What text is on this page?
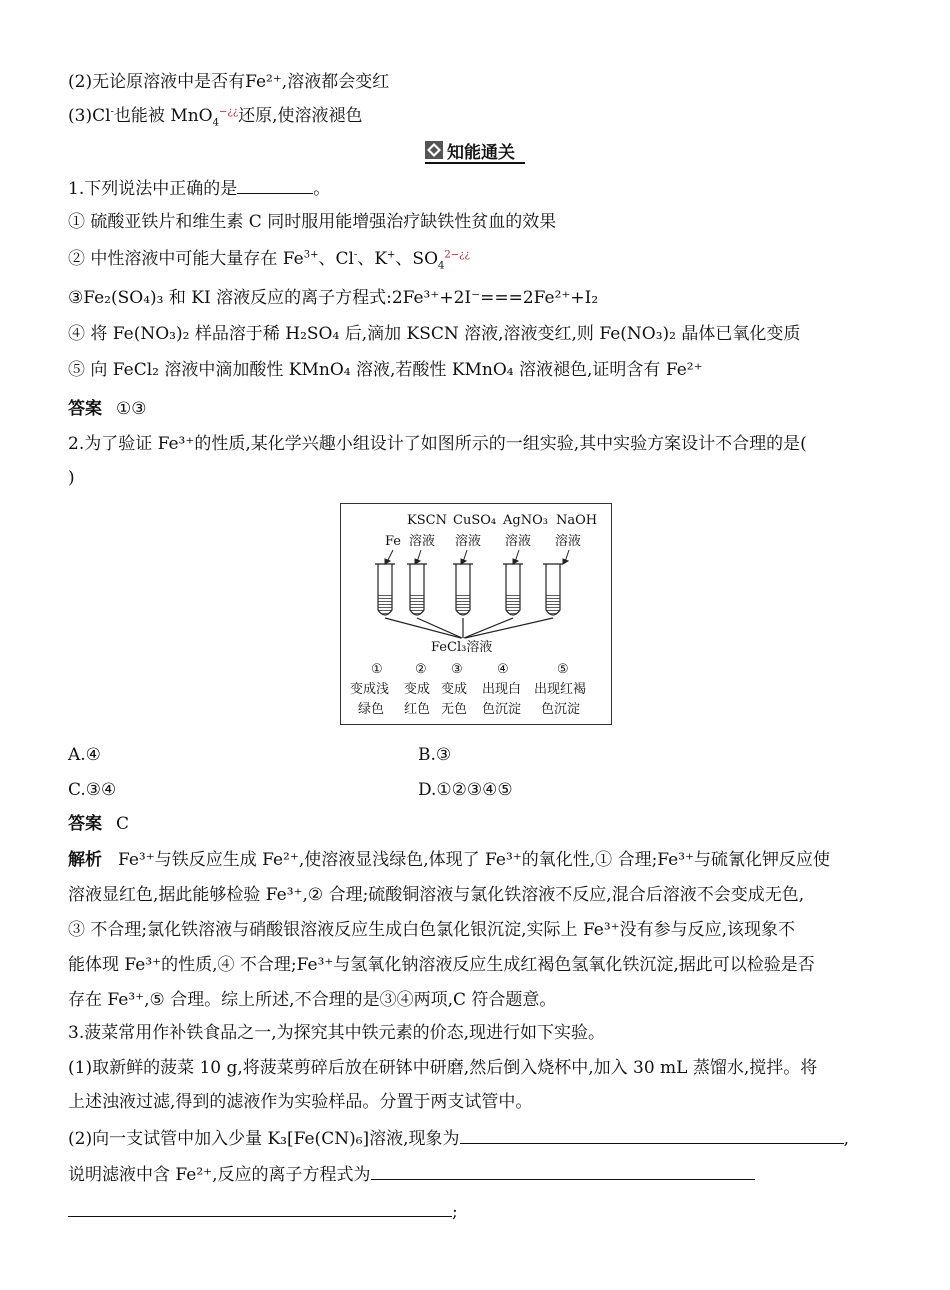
(2)无论原溶液中是否有Fe²⁺,溶液都会变红
(3)Cl-也能被 MnO$_4$−¿¿还原,使溶液褪色
知能通关
1.下列说法中正确的是	。
① 硫酸亚铁片和维生素 C 同时服用能增强治疗缺铁性贫血的效果
② 中性溶液中可能大量存在 $Fe^{3+}$、Cl-、K+、$SO_4^{2-¿¿}$
③Fe₂(SO₄)₃ 和 KI 溶液反应的离子方程式:2Fe³⁺+2I⁻===2Fe²⁺+I₂
④ 将 Fe(NO₃)₂ 样品溶于稀 H₂SO₄ 后,滴加 KSCN 溶液,溶液变红,则 Fe(NO₃)₂ 晶体已氧化变质
⑤ 向 FeCl₂ 溶液中滴加酸性 KMnO₄ 溶液,若酸性 KMnO₄ 溶液褪色,证明含有 Fe²⁺
答案 ①③
2.为了验证 Fe³⁺的性质,某化学兴趣小组设计了如图所示的一组实验,其中实验方案设计不合理的是(
)
KSCN CuSO₄ AgNO₃ NaOH
Fe 溶液 溶液 溶液 溶液
FeCl₃溶液
① ② ③	④	⑤
变成浅 变成 变成 出现白 出现红褐
绿色 红色 无色 色沉淀 色沉淀
A.④	B.③
C.③④	D.①②③④⑤
答案 C
解析 Fe³⁺与铁反应生成 Fe²⁺,使溶液显浅绿色,体现了 Fe³⁺的氧化性,① 合理;Fe³⁺与硫氰化钾反应使
溶液显红色,据此能够检验 Fe³⁺,② 合理;硫酸铜溶液与氯化铁溶液不反应,混合后溶液不会变成无色,
③ 不合理;氯化铁溶液与硝酸银溶液反应生成白色氯化银沉淀,实际上 Fe³⁺没有参与反应,该现象不
能体现 Fe³⁺的性质,④ 不合理;Fe³⁺与氢氧化钠溶液反应生成红褐色氢氧化铁沉淀,据此可以检验是否
存在 Fe³⁺,⑤ 合理。综上所述,不合理的是③④两项,C 符合题意。
3.菠菜常用作补铁食品之一,为探究其中铁元素的价态,现进行如下实验。
(1)取新鲜的菠菜 10 g,将菠菜剪碎后放在研钵中研磨,然后倒入烧杯中,加入 30 mL 蒸馏水,搅拌。将
上述浊液过滤,得到的滤液作为实验样品。分置于两支试管中。
(2)向一支试管中加入少量 K₃[Fe(CN)₆]溶液,现象为	,
说明滤液中含 Fe²⁺,反应的离子方程式为
;
